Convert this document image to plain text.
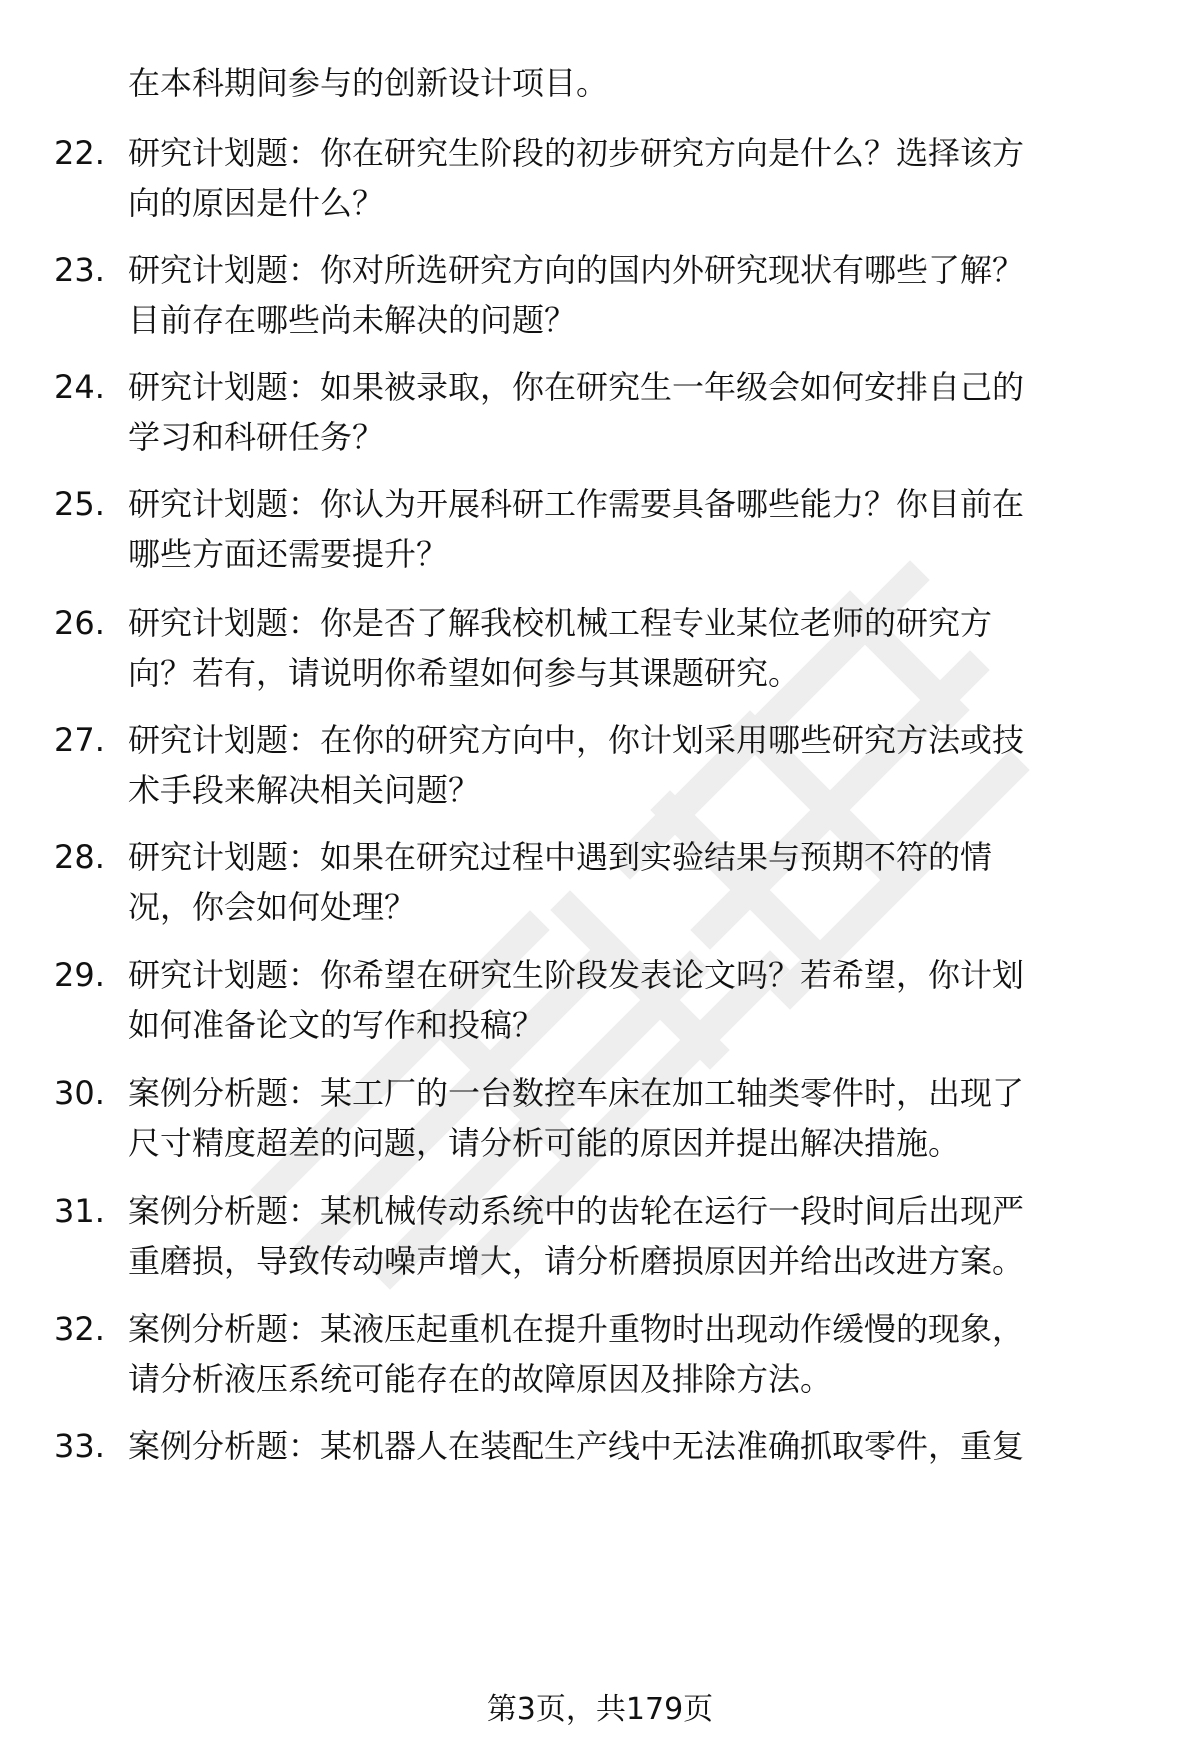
在本科期间参与的创新设计项目。
22. 研究计划题：你在研究生阶段的初步研究方向是什么？选择该方
向的原因是什么？
23. 研究计划题：你对所选研究方向的国内外研究现状有哪些了解？
目前存在哪些尚未解决的问题？
24. 研究计划题：如果被录取，你在研究生一年级会如何安排自己的
学习和科研任务？
25. 研究计划题：你认为开展科研工作需要具备哪些能力？你目前在
哪些方面还需要提升？
26. 研究计划题：你是否了解我校机械工程专业某位老师的研究方
向？若有，请说明你希望如何参与其课题研究。
27. 研究计划题：在你的研究方向中，你计划采用哪些研究方法或技
术手段来解决相关问题？
28. 研究计划题：如果在研究过程中遇到实验结果与预期不符的情
况，你会如何处理？
29. 研究计划题：你希望在研究生阶段发表论文吗？若希望，你计划
如何准备论文的写作和投稿？
30. 案例分析题：某工厂的一台数控车床在加工轴类零件时，出现了
尺寸精度超差的问题，请分析可能的原因并提出解决措施。
31. 案例分析题：某机械传动系统中的齿轮在运行一段时间后出现严
重磨损，导致传动噪声增大，请分析磨损原因并给出改进方案。
32. 案例分析题：某液压起重机在提升重物时出现动作缓慢的现象，
请分析液压系统可能存在的故障原因及排除方法。
33. 案例分析题：某机器人在装配生产线中无法准确抓取零件，重复
第3页，共179页
